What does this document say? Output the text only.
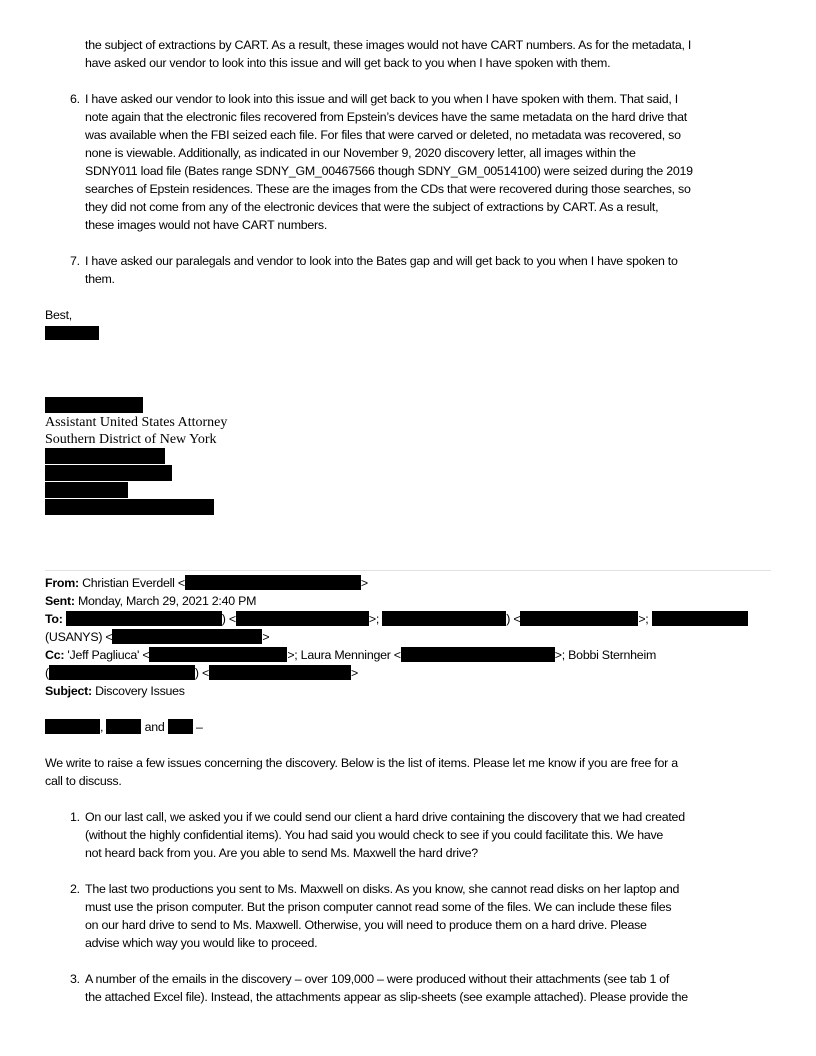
the subject of extractions by CART. As a result, these images would not have CART numbers. As for the metadata, I
have asked our vendor to look into this issue and will get back to you when I have spoken with them.
6. I have asked our vendor to look into this issue and will get back to you when I have spoken with them. That said, I
note again that the electronic files recovered from Epstein’s devices have the same metadata on the hard drive that
was available when the FBI seized each file. For files that were carved or deleted, no metadata was recovered, so
none is viewable. Additionally, as indicated in our November 9, 2020 discovery letter, all images within the
SDNY011 load file (Bates range SDNY_GM_00467566 though SDNY_GM_00514100) were seized during the 2019
searches of Epstein residences. These are the images from the CDs that were recovered during those searches, so
they did not come from any of the electronic devices that were the subject of extractions by CART. As a result,
these images would not have CART numbers.
7. I have asked our paralegals and vendor to look into the Bates gap and will get back to you when I have spoken to
them.
Best,
Assistant United States Attorney
Southern District of New York
From: Christian Everdell <	>
Sent: Monday, March 29, 2021 2:40 PM
To:	) <	>;	) <	>;
(USANYS) <	>
Cc: 'Jeff Pagliuca' <	>; Laura Menninger <	>; Bobbi Sternheim
(	) <	>
Subject: Discovery Issues
,	and	–
We write to raise a few issues concerning the discovery. Below is the list of items. Please let me know if you are free for a
call to discuss.
1. On our last call, we asked you if we could send our client a hard drive containing the discovery that we had created
(without the highly confidential items). You had said you would check to see if you could facilitate this. We have
not heard back from you. Are you able to send Ms. Maxwell the hard drive?
2. The last two productions you sent to Ms. Maxwell on disks. As you know, she cannot read disks on her laptop and
must use the prison computer. But the prison computer cannot read some of the files. We can include these files
on our hard drive to send to Ms. Maxwell. Otherwise, you will need to produce them on a hard drive. Please
advise which way you would like to proceed.
3. A number of the emails in the discovery – over 109,000 – were produced without their attachments (see tab 1 of
the attached Excel file). Instead, the attachments appear as slip-sheets (see example attached). Please provide the
